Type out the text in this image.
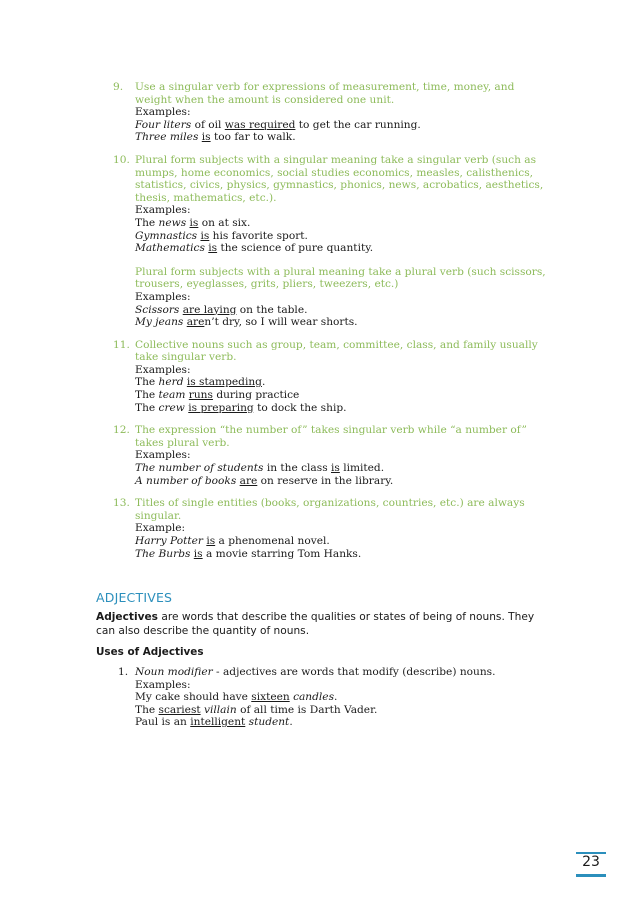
9.	Use a singular verb for expressions of measurement, time, money, and weight when the amount is considered one unit.
Examples:
Four liters of oil was required to get the car running.
Three miles is too far to walk.
10. Plural form subjects with a singular meaning take a singular verb (such as mumps, home economics, social studies economics, measles, calisthenics, statistics, civics, physics, gymnastics, phonics, news, acrobatics, aesthetics, thesis, mathematics, etc.).
Examples:
The news is on at six.
Gymnastics is his favorite sport.
Mathematics is the science of pure quantity.
Plural form subjects with a plural meaning take a plural verb (such scissors, trousers, eyeglasses, grits, pliers, tweezers, etc.)
Examples:
Scissors are laying on the table.
My jeans aren’t dry, so I will wear shorts.
11. Collective nouns such as group, team, committee, class, and family usually take singular verb.
Examples:
The herd is stampeding.
The team runs during practice
The crew is preparing to dock the ship.
12. The expression “the number of” takes singular verb while “a number of” takes plural verb.
Examples:
The number of students in the class is limited.
A number of books are on reserve in the library.
13. Titles of single entities (books, organizations, countries, etc.) are always singular.
Example:
Harry Potter is a phenomenal novel.
The Burbs is a movie starring Tom Hanks.
ADJECTIVES
Adjectives are words that describe the qualities or states of being of nouns. They can also describe the quantity of nouns.
Uses of Adjectives
1. Noun modifier - adjectives are words that modify (describe) nouns.
Examples:
My cake should have sixteen candles.
The scariest villain of all time is Darth Vader.
Paul is an intelligent student.
23
